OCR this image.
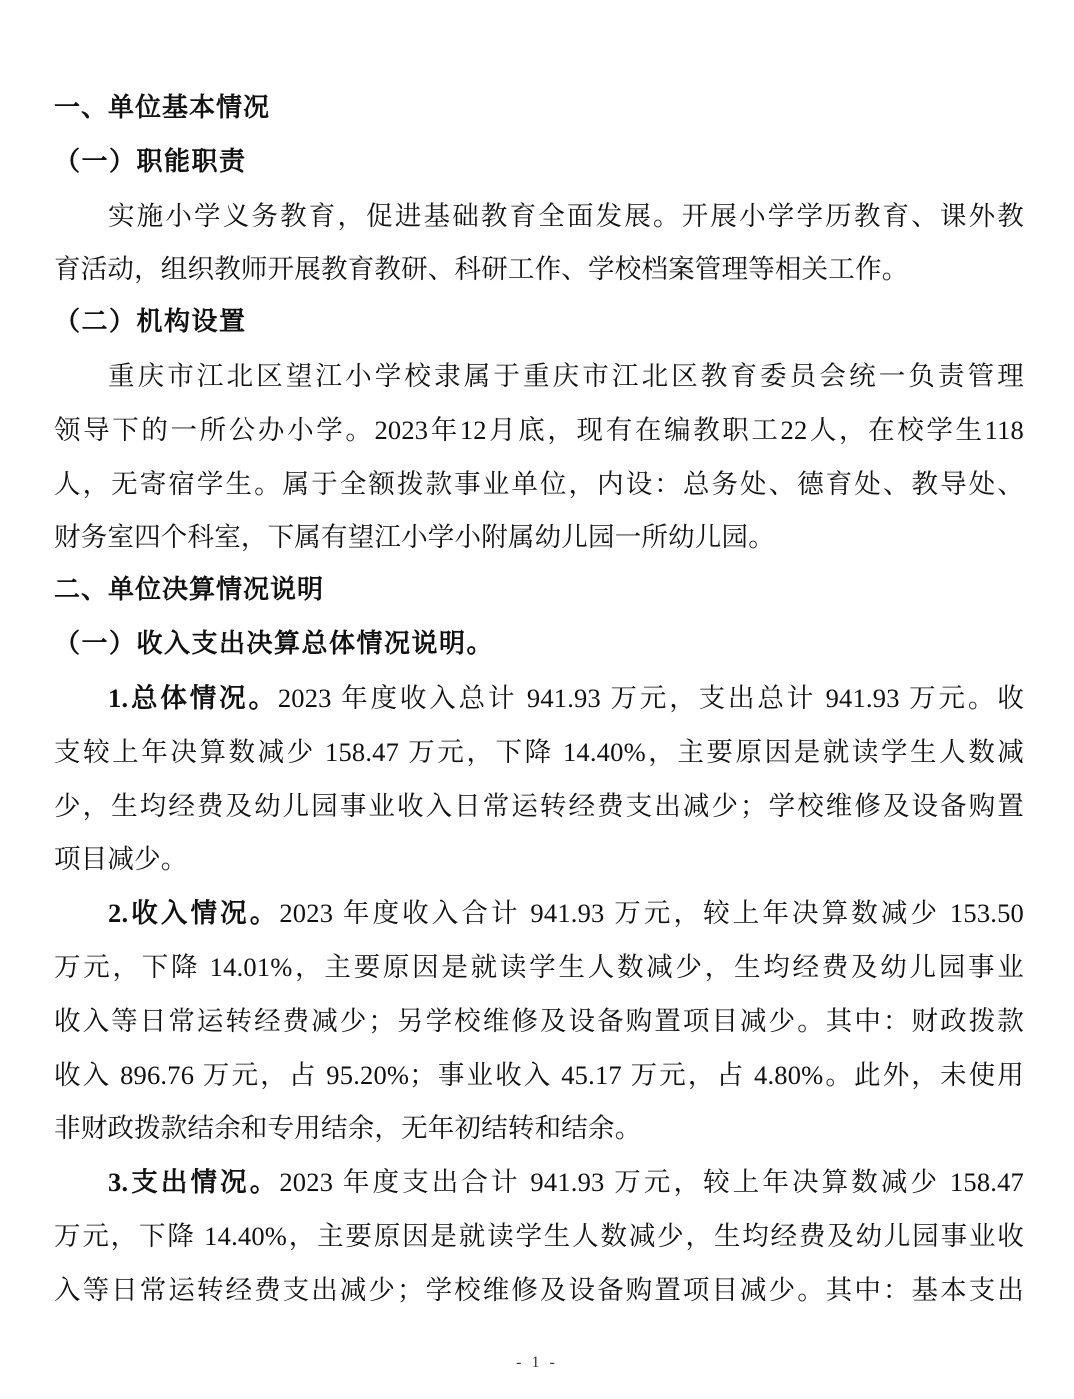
一、单位基本情况
（一）职能职责
实施小学义务教育，促进基础教育全面发展。开展小学学历教育、课外教
育活动，组织教师开展教育教研、科研工作、学校档案管理等相关工作。
（二）机构设置
重庆市江北区望江小学校隶属于重庆市江北区教育委员会统一负责管理
领导下的一所公办小学。2023年12月底，现有在编教职工22人，在校学生118
人，无寄宿学生。属于全额拨款事业单位，内设：总务处、德育处、教导处、
财务室四个科室，下属有望江小学小附属幼儿园一所幼儿园。
二、单位决算情况说明
（一）收入支出决算总体情况说明。
1.总体情况。2023 年度收入总计 941.93 万元，支出总计 941.93 万元。收
支较上年决算数减少 158.47 万元，下降 14.40%，主要原因是就读学生人数减
少，生均经费及幼儿园事业收入日常运转经费支出减少；学校维修及设备购置
项目减少。
2.收入情况。2023 年度收入合计 941.93 万元，较上年决算数减少 153.50
万元，下降 14.01%，主要原因是就读学生人数减少，生均经费及幼儿园事业
收入等日常运转经费减少；另学校维修及设备购置项目减少。其中：财政拨款
收入 896.76 万元，占 95.20%；事业收入 45.17 万元，占 4.80%。此外，未使用
非财政拨款结余和专用结余，无年初结转和结余。
3.支出情况。2023 年度支出合计 941.93 万元，较上年决算数减少 158.47
万元，下降 14.40%，主要原因是就读学生人数减少，生均经费及幼儿园事业收
入等日常运转经费支出减少；学校维修及设备购置项目减少。其中：基本支出
- 1 -
